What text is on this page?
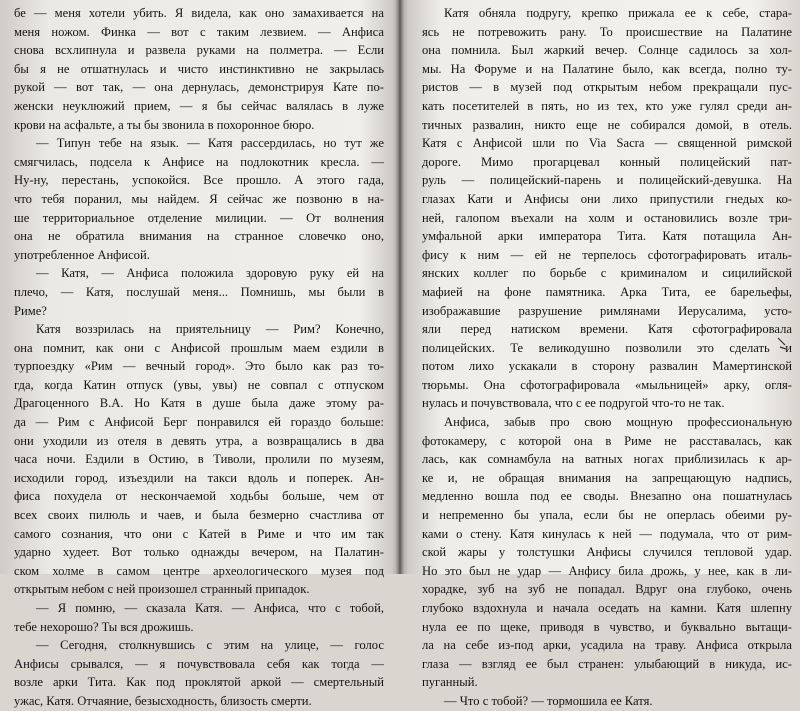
бе — меня хотели убить. Я видела, как оно замахивается на
меня ножом. Финка — вот с таким лезвием. — Анфиса
снова всхлипнула и развела руками на полметра. — Если
бы я не отшатнулась и чисто инстинктивно не закрылась
рукой — вот так, — она дернулась, демонстрируя Кате по-
женски неуклюжий прием, — я бы сейчас валялась в луже
крови на асфальте, а ты бы звонила в похоронное бюро.
— Типун тебе на язык. — Катя рассердилась, но тут же
смягчилась, подсела к Анфисе на подлокотник кресла. —
Ну-ну, перестань, успокойся. Все прошло. А этого гада,
что тебя поранил, мы найдем. Я сейчас же позвоню в на-
ше территориальное отделение милиции. — От волнения
она не обратила внимания на странное словечко оно,
употребленное Анфисой.
— Катя, — Анфиса положила здоровую руку ей на
плечо, — Катя, послушай меня... Помнишь, мы были в
Риме?
Катя воззрилась на приятельницу — Рим? Конечно,
она помнит, как они с Анфисой прошлым маем ездили в
турпоездку «Рим — вечный город». Это было как раз то-
гда, когда Катин отпуск (увы, увы) не совпал с отпуском
Драгоценного В.А. Но Катя в душе была даже этому ра-
да — Рим с Анфисой Берг понравился ей гораздо больше:
они уходили из отеля в девять утра, а возвращались в два
часа ночи. Ездили в Остию, в Тиволи, пролили по музеям,
исходили город, изъездили на такси вдоль и поперек. Ан-
фиса похудела от нескончаемой ходьбы больше, чем от
всех своих пилюль и чаев, и была безмерно счастлива от
самого сознания, что они с Катей в Риме и что им так
ударно худеет. Вот только однажды вечером, на Палатин-
ском холме в самом центре археологического музея под
открытым небом с ней произошел странный припадок.
— Я помню, — сказала Катя. — Анфиса, что с тобой,
тебе нехорошо? Ты вся дрожишь.
— Сегодня, столкнувшись с этим на улице, — голос
Анфисы срывался, — я почувствовала себя как тогда —
возле арки Тита. Как под проклятой аркой — смертельный
ужас, Катя. Отчаяние, безысходность, близость смерти.
Катя обняла подругу, крепко прижала ее к себе, стара-
ясь не потревожить рану. То происшествие на Палатине
она помнила. Был жаркий вечер. Солнце садилось за хол-
мы. На Форуме и на Палатине было, как всегда, полно ту-
ристов — в музей под открытым небом прекращали пус-
кать посетителей в пять, но из тех, кто уже гулял среди ан-
тичных развалин, никто еще не собирался домой, в отель.
Катя с Анфисой шли по Via Sacra — священной римской
дороге. Мимо прогарцевал конный полицейский пат-
руль — полицейский-парень и полицейский-девушка. На
глазах Кати и Анфисы они лихо припустили гнедых ко-
ней, галопом въехали на холм и остановились возле три-
умфальной арки императора Тита. Катя потащила Ан-
фису к ним — ей не терпелось сфотографировать италь-
янских коллег по борьбе с криминалом и сицилийской
мафией на фоне памятника. Арка Тита, ее барельефы,
изображавшие разрушение римлянами Иерусалима, усто-
яли перед натиском времени. Катя сфотографировала
полицейских. Те великодушно позволили это сделать и
потом лихо ускакали в сторону развалин Мамертинской
тюрьмы. Она сфотографировала «мыльницей» арку, огля-
нулась и почувствовала, что с ее подругой что-то не так.
Анфиса, забыв про свою мощную профессиональную
фотокамеру, с которой она в Риме не расставалась, как
лась, как сомнамбула на ватных ногах приблизилась к ар-
ке и, не обращая внимания на запрещающую надпись,
медленно вошла под ее своды. Внезапно она пошатнулась
и непременно бы упала, если бы не оперлась обеими ру-
ками о стену. Катя кинулась к ней — подумала, что от рим-
ской жары у толстушки Анфисы случился тепловой удар.
Но это был не удар — Анфису била дрожь, у нее, как в ли-
хорадке, зуб на зуб не попадал. Вдруг она глубоко, очень
глубоко вздохнула и начала оседать на камни. Катя шлепну
нула ее по щеке, приводя в чувство, и буквально вытащи-
ла на себе из-под арки, усадила на траву. Анфиса открыла
глаза — взгляд ее был странен: улыбающий в никуда, ис-
пуганный.
— Что с тобой? — тормошила ее Катя.
